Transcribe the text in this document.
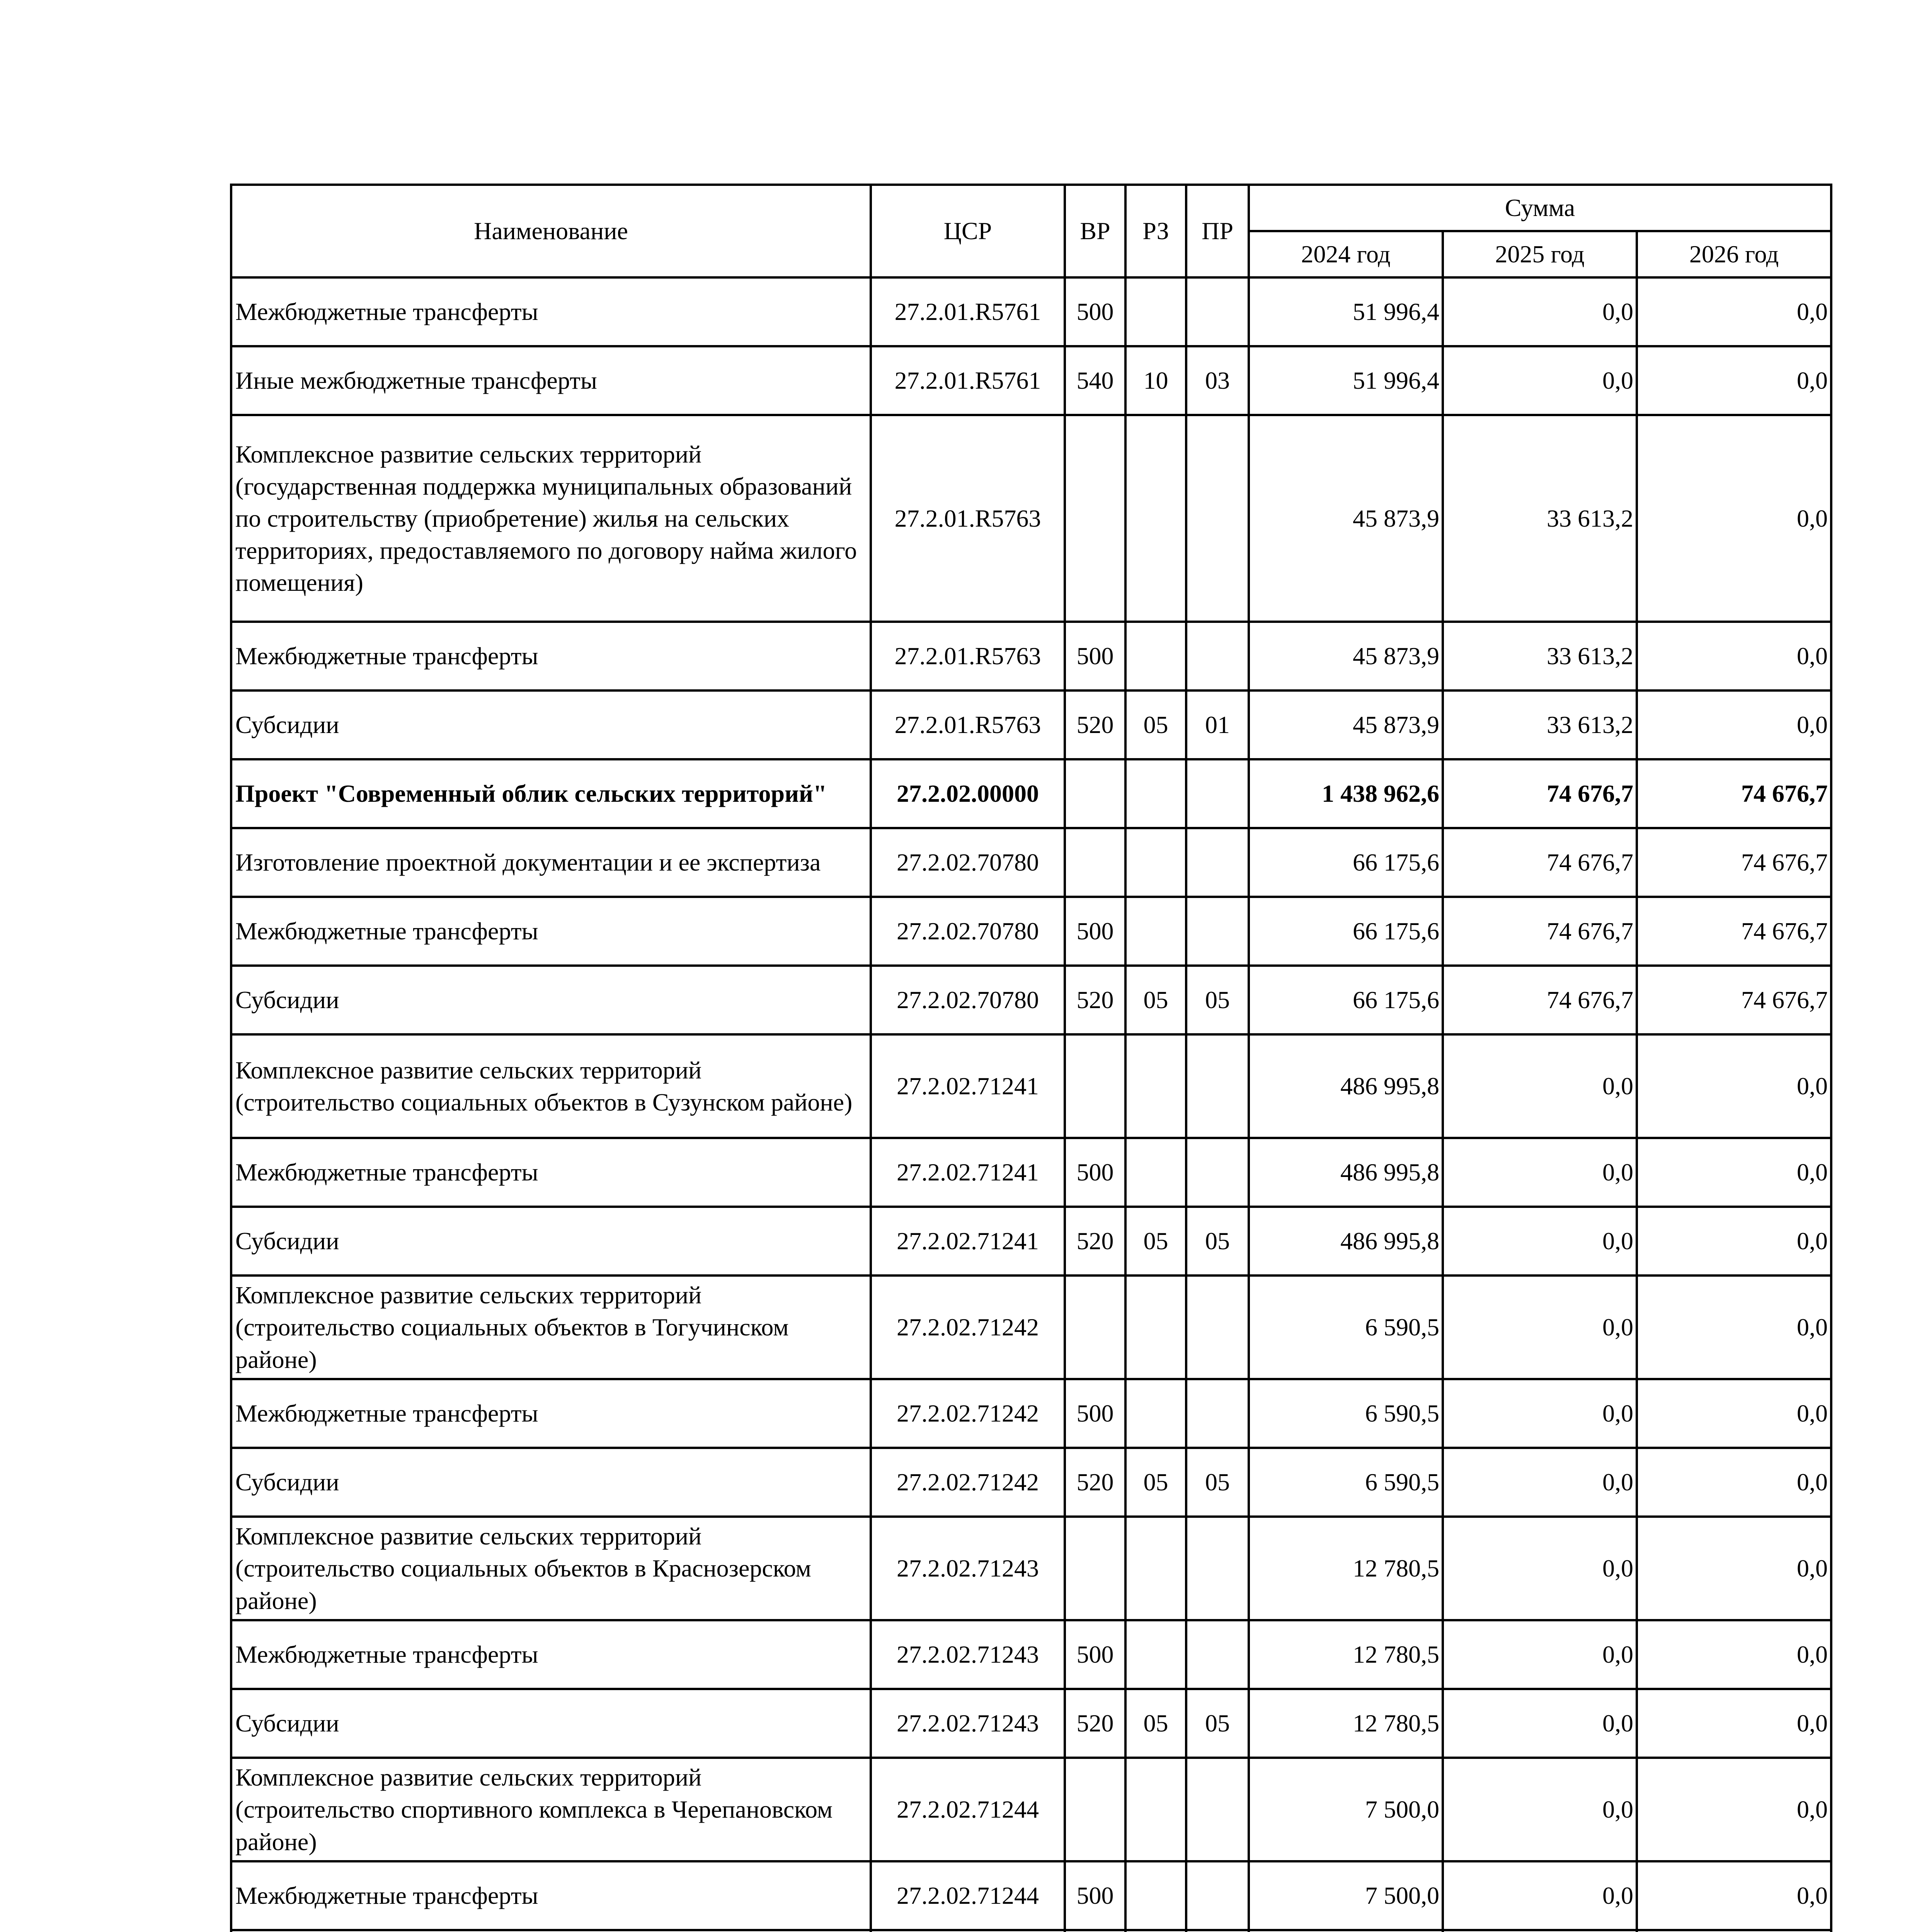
Наименование	ЦСР	ВР	РЗ	ПР	Сумма		
					2024 год	2025 год	2026 год
Межбюджетные трансферты	27.2.01.R5761	500			51 996,4	0,0	0,0
Иные межбюджетные трансферты	27.2.01.R5761	540	10	03	51 996,4	0,0	0,0
Комплексное развитие сельских территорий (государственная поддержка муниципальных образований по строительству (приобретение) жилья на сельских территориях, предоставляемого по договору найма жилого помещения)	27.2.01.R5763				45 873,9	33 613,2	0,0
Межбюджетные трансферты	27.2.01.R5763	500			45 873,9	33 613,2	0,0
Субсидии	27.2.01.R5763	520	05	01	45 873,9	33 613,2	0,0
Проект "Современный облик сельских территорий"	27.2.02.00000				1 438 962,6	74 676,7	74 676,7
Изготовление проектной документации и ее экспертиза	27.2.02.70780				66 175,6	74 676,7	74 676,7
Межбюджетные трансферты	27.2.02.70780	500			66 175,6	74 676,7	74 676,7
Субсидии	27.2.02.70780	520	05	05	66 175,6	74 676,7	74 676,7
Комплексное развитие сельских территорий (строительство социальных объектов в Сузунском районе)	27.2.02.71241				486 995,8	0,0	0,0
Межбюджетные трансферты	27.2.02.71241	500			486 995,8	0,0	0,0
Субсидии	27.2.02.71241	520	05	05	486 995,8	0,0	0,0
Комплексное развитие сельских территорий (строительство социальных объектов в Тогучинском районе)	27.2.02.71242				6 590,5	0,0	0,0
Межбюджетные трансферты	27.2.02.71242	500			6 590,5	0,0	0,0
Субсидии	27.2.02.71242	520	05	05	6 590,5	0,0	0,0
Комплексное развитие сельских территорий (строительство социальных объектов в Краснозерском районе)	27.2.02.71243				12 780,5	0,0	0,0
Межбюджетные трансферты	27.2.02.71243	500			12 780,5	0,0	0,0
Субсидии	27.2.02.71243	520	05	05	12 780,5	0,0	0,0
Комплексное развитие сельских территорий (строительство спортивного комплекса в Черепановском районе)	27.2.02.71244				7 500,0	0,0	0,0
Межбюджетные трансферты	27.2.02.71244	500			7 500,0	0,0	0,0
